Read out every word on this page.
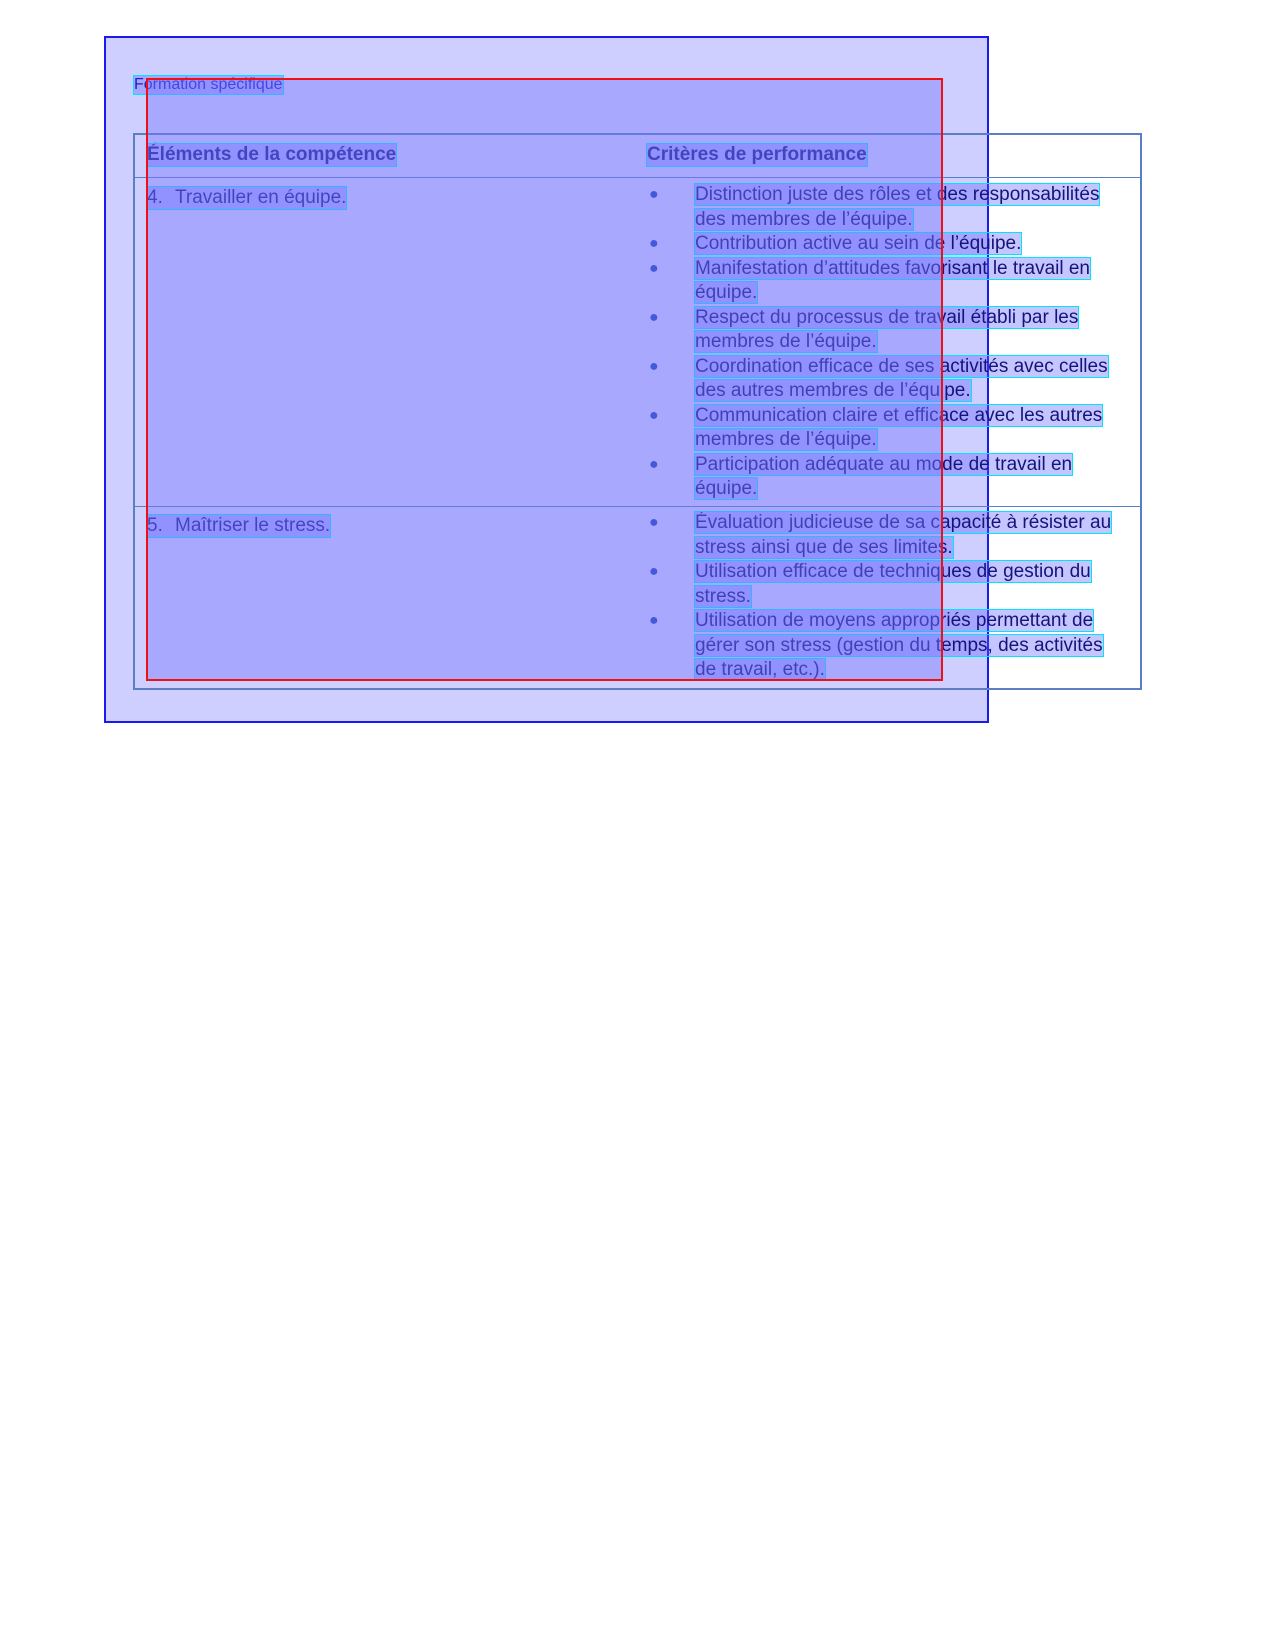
Formation spécifique
Éléments de la compétence	Critères de performance
4. Travailler en équipe.	●	Distinction juste des rôles et des responsabilités des membres de l’équipe.
●	Contribution active au sein de l’équipe.
●	Manifestation d’attitudes favorisant le travail en équipe.
●	Respect du processus de travail établi par les membres de l’équipe.
●	Coordination efficace de ses activités avec celles des autres membres de l’équipe.
●	Communication claire et efficace avec les autres membres de l’équipe.
●	Participation adéquate au mode de travail en équipe.
5. Maîtriser le stress.	●	Évaluation judicieuse de sa capacité à résister au stress ainsi que de ses limites.
●	Utilisation efficace de techniques de gestion du stress.
●	Utilisation de moyens appropriés permettant de gérer son stress (gestion du temps, des activités de travail, etc.).
